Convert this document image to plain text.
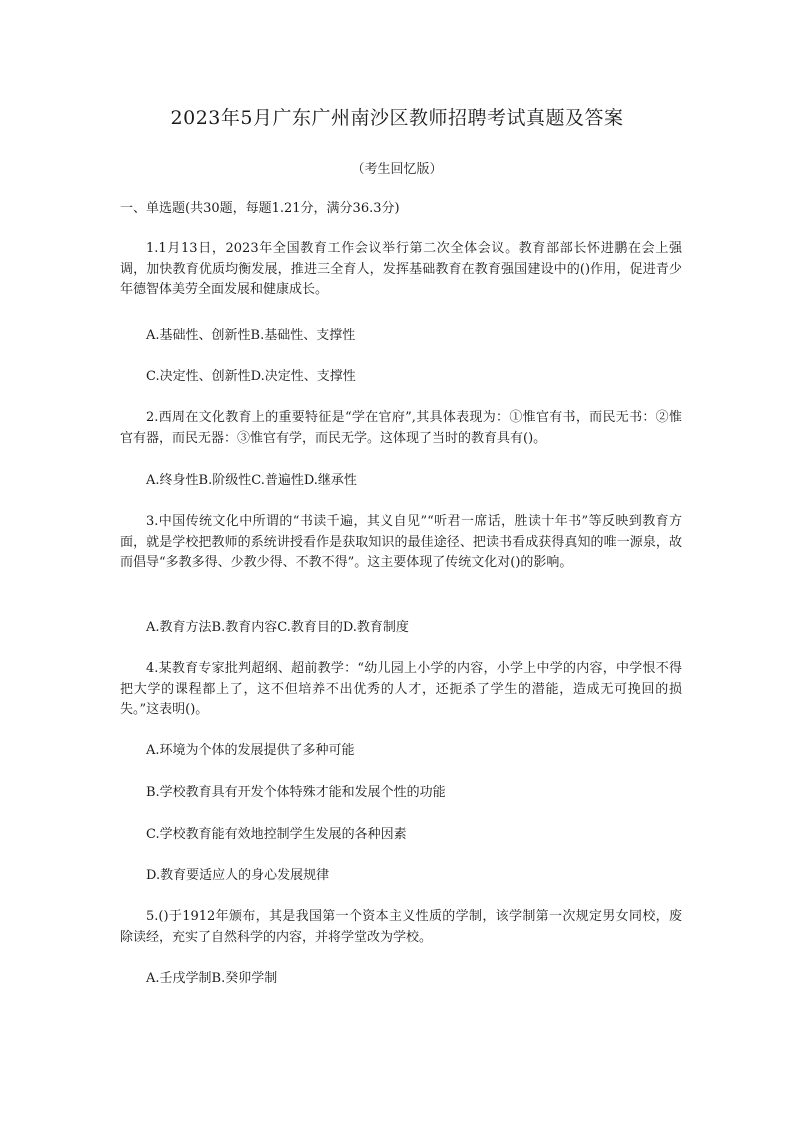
2023年5月广东广州南沙区教师招聘考试真题及答案
（考生回忆版）

一、单选题(共30题，每题1.21分，满分36.3分)

1.1月13日，2023年全国教育工作会议举行第二次全体会议。教育部部长怀进鹏在会上强调，加快教育优质均衡发展，推进三全育人，发挥基础教育在教育强国建设中的()作用，促进青少年德智体美劳全面发展和健康成长。

A.基础性、创新性B.基础性、支撑性

C.决定性、创新性D.决定性、支撑性

2.西周在文化教育上的重要特征是“学在官府”,其具体表现为：①惟官有书，而民无书：②惟官有器，而民无器：③惟官有学，而民无学。这体现了当时的教育具有()。

A.终身性B.阶级性C.普遍性D.继承性

3.中国传统文化中所谓的“书读千遍，其义自见”“听君一席话，胜读十年书”等反映到教育方面，就是学校把教师的系统讲授看作是获取知识的最佳途径、把读书看成获得真知的唯一源泉，故而倡导“多教多得、少教少得、不教不得”。这主要体现了传统文化对()的影响。

A.教育方法B.教育内容C.教育目的D.教育制度

4.某教育专家批判超纲、超前教学：“幼儿园上小学的内容，小学上中学的内容，中学恨不得把大学的课程都上了，这不但培养不出优秀的人才，还扼杀了学生的潜能，造成无可挽回的损失。”这表明()。

A.环境为个体的发展提供了多种可能

B.学校教育具有开发个体特殊才能和发展个性的功能

C.学校教育能有效地控制学生发展的各种因素

D.教育要适应人的身心发展规律

5.()于1912年颁布，其是我国第一个资本主义性质的学制，该学制第一次规定男女同校，废除读经，充实了自然科学的内容，并将学堂改为学校。

A.壬戌学制B.癸卯学制
